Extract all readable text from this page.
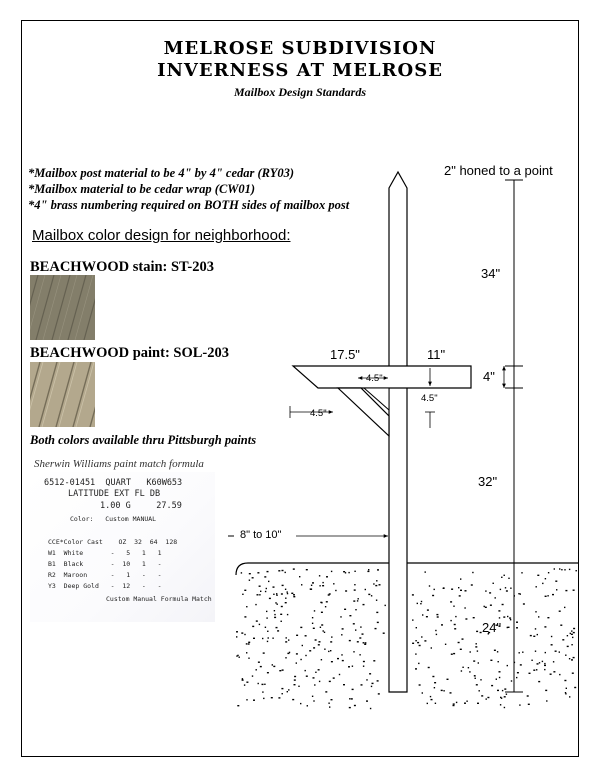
MELROSE SUBDIVISION
INVERNESS AT MELROSE
Mailbox Design Standards
*Mailbox post material to be 4" by 4" cedar (RY03)
*Mailbox material to be cedar wrap (CW01)
*4" brass numbering required on BOTH sides of mailbox post
Mailbox color design for neighborhood:
BEACHWOOD stain: ST-203
BEACHWOOD paint: SOL-203
Both colors available thru Pittsburgh paints
Sherwin Williams paint match formula
6512-01451  QUART   K60W653
LATITUDE EXT FL DB
1.00 G     27.59
Color:   Custom MANUAL
CCE*Color Cast    OZ  32  64  128
W1  White       -   5   1   1
B1  Black       -  10   1   -
R2  Maroon      -   1   -   -
Y3  Deep Gold   -  12   -   -
Custom Manual Formula Match
2" honed to a point
34"
17.5"	11"
4"
4.5"
4.5"
4.5"
32"
8" to 10"
24"
